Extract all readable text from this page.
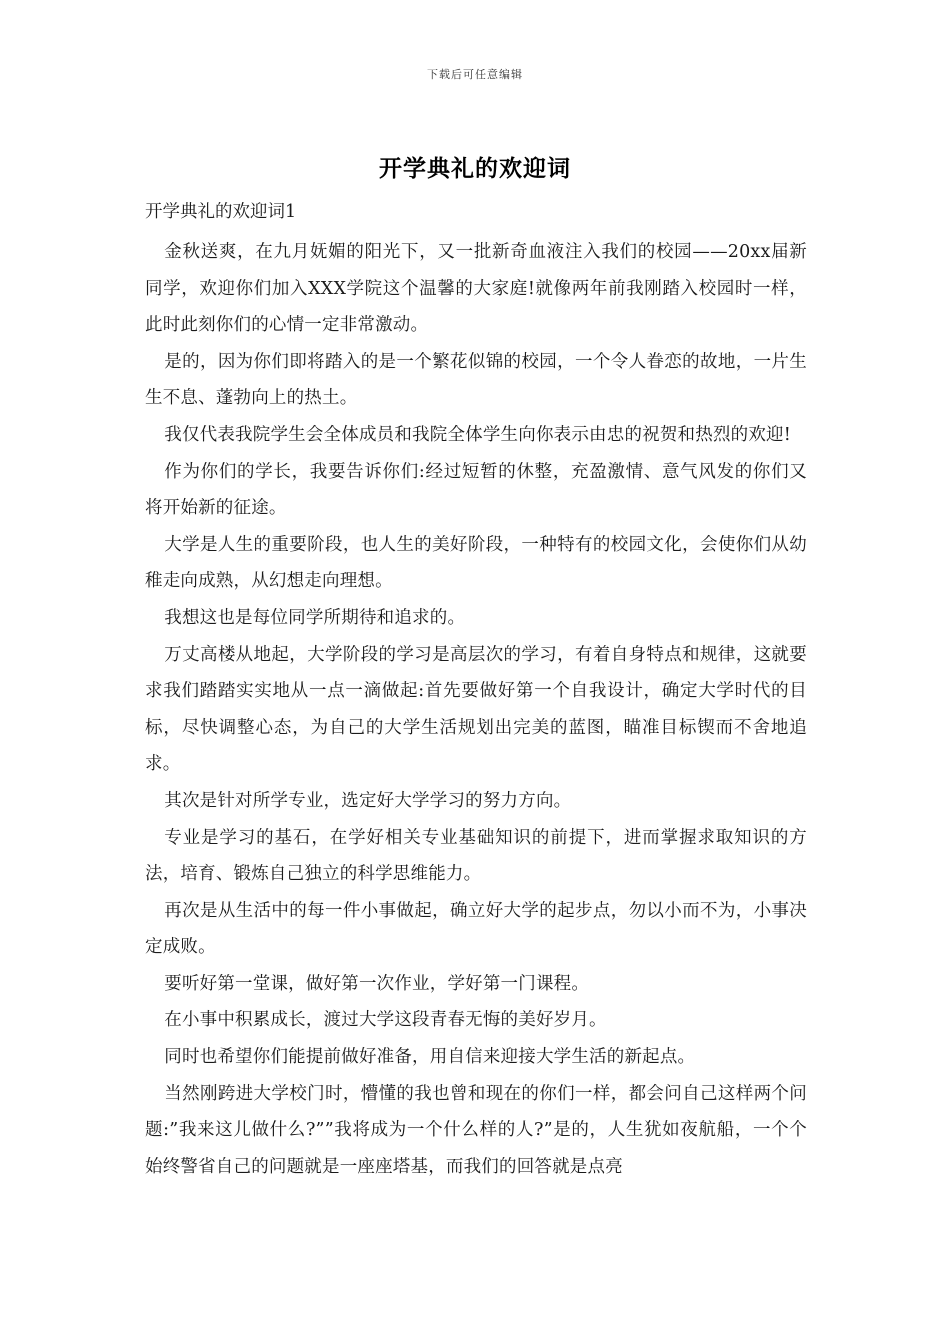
下载后可任意编辑
开学典礼的欢迎词

开学典礼的欢迎词1

金秋送爽，在九月妩媚的阳光下，又一批新奇血液注入我们的校园——20xx届新同学，欢迎你们加入XXX学院这个温馨的大家庭!就像两年前我刚踏入校园时一样，此时此刻你们的心情一定非常激动。

是的，因为你们即将踏入的是一个繁花似锦的校园，一个令人眷恋的故地，一片生生不息、蓬勃向上的热土。

我仅代表我院学生会全体成员和我院全体学生向你表示由忠的祝贺和热烈的欢迎!

作为你们的学长，我要告诉你们:经过短暂的休整，充盈激情、意气风发的你们又将开始新的征途。

大学是人生的重要阶段，也人生的美好阶段，一种特有的校园文化，会使你们从幼稚走向成熟，从幻想走向理想。

我想这也是每位同学所期待和追求的。

万丈高楼从地起，大学阶段的学习是高层次的学习，有着自身特点和规律，这就要求我们踏踏实实地从一点一滴做起:首先要做好第一个自我设计，确定大学时代的目标，尽快调整心态，为自己的大学生活规划出完美的蓝图，瞄准目标锲而不舍地追求。

其次是针对所学专业，选定好大学学习的努力方向。

专业是学习的基石，在学好相关专业基础知识的前提下，进而掌握求取知识的方法，培育、锻炼自己独立的科学思维能力。

再次是从生活中的每一件小事做起，确立好大学的起步点，勿以小而不为，小事决定成败。

要听好第一堂课，做好第一次作业，学好第一门课程。

在小事中积累成长，渡过大学这段青春无悔的美好岁月。

同时也希望你们能提前做好准备，用自信来迎接大学生活的新起点。

当然刚跨进大学校门时，懵懂的我也曾和现在的你们一样，都会问自己这样两个问题:”我来这儿做什么?””我将成为一个什么样的人?”是的，人生犹如夜航船，一个个始终警省自己的问题就是一座座塔基，而我们的回答就是点亮
